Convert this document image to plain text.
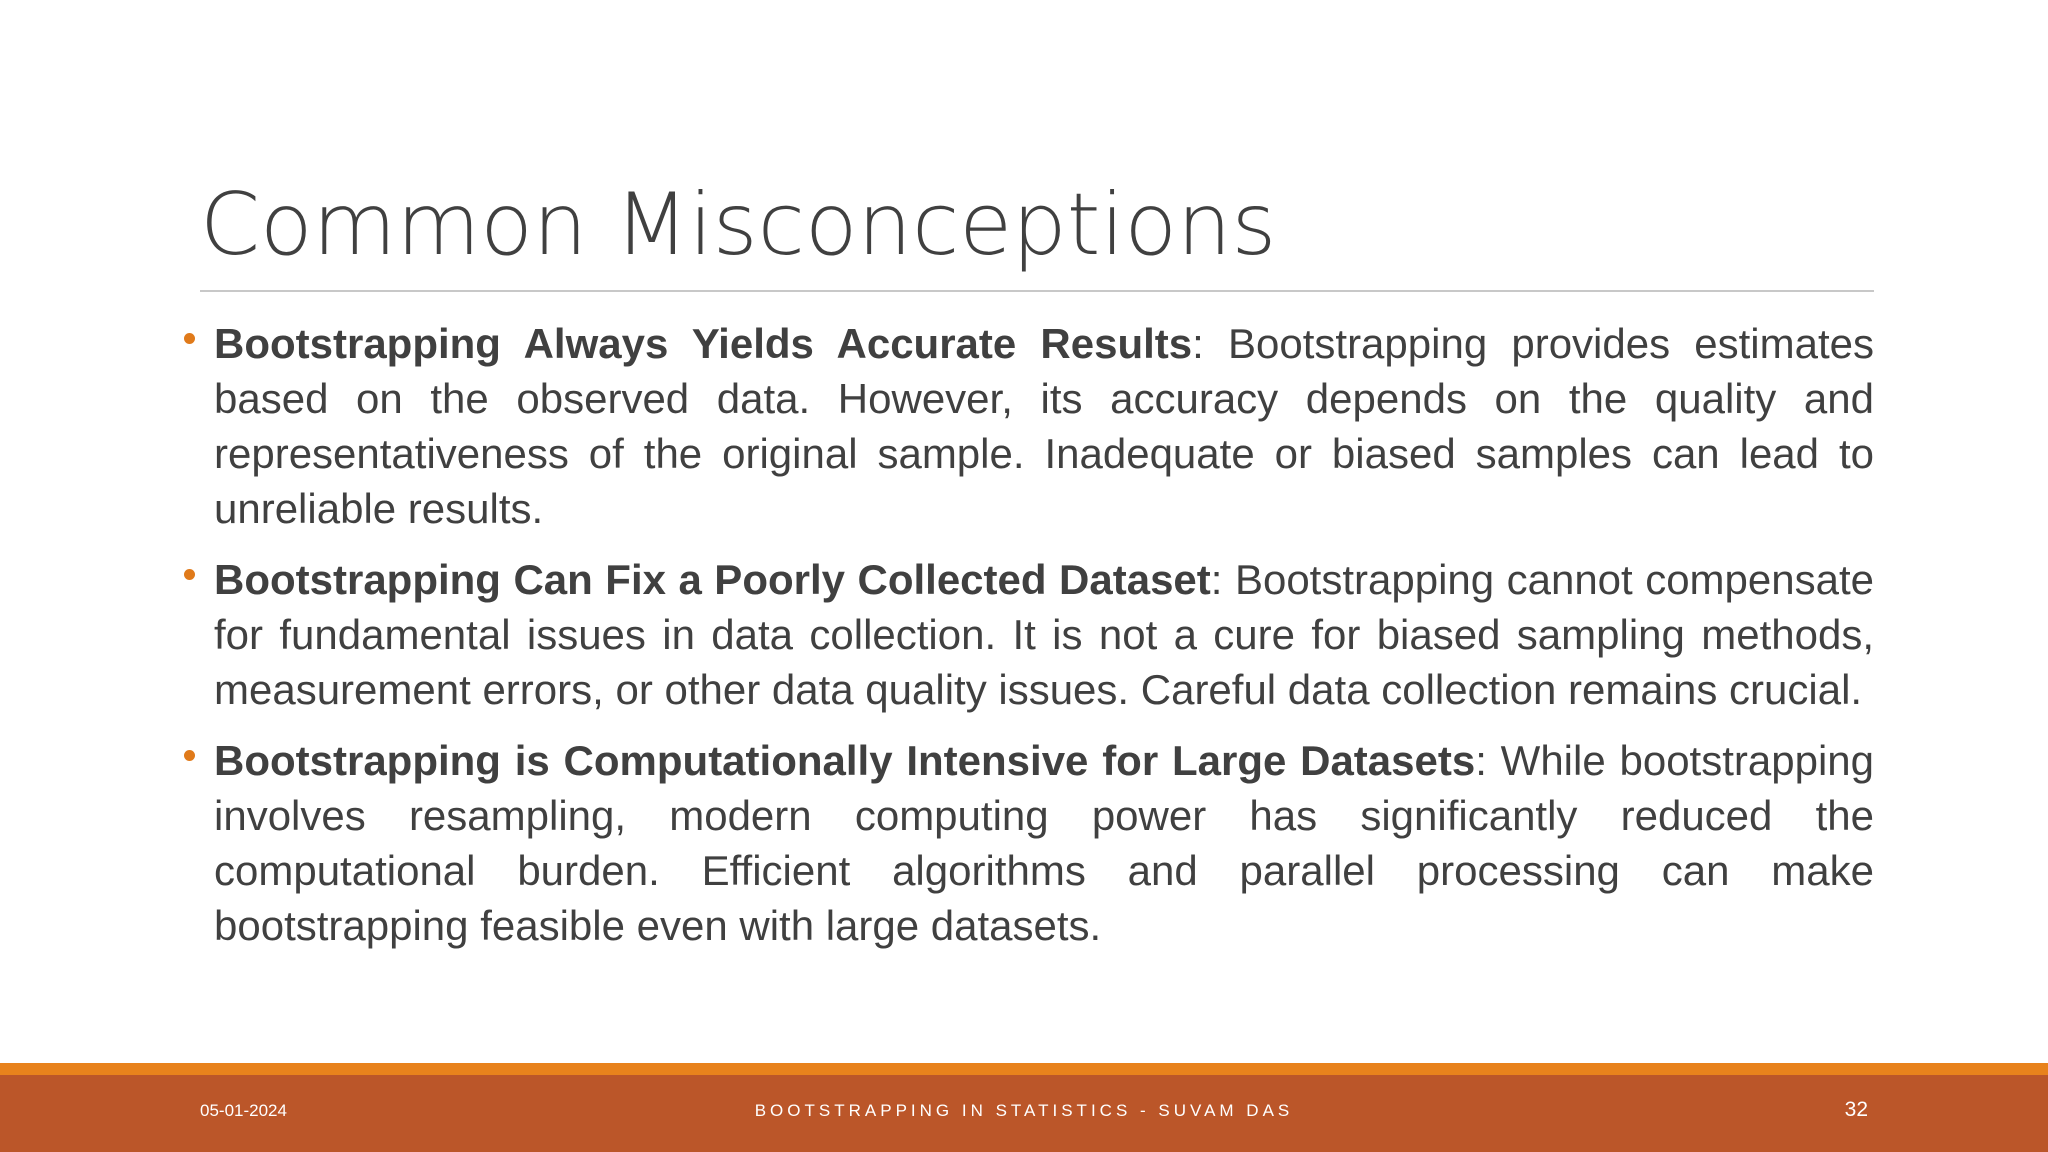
Common Misconceptions
Bootstrapping Always Yields Accurate Results: Bootstrapping provides estimates based on the observed data. However, its accuracy depends on the quality and representativeness of the original sample. Inadequate or biased samples can lead to unreliable results.
Bootstrapping Can Fix a Poorly Collected Dataset: Bootstrapping cannot compensate for fundamental issues in data collection. It is not a cure for biased sampling methods, measurement errors, or other data quality issues. Careful data collection remains crucial.
Bootstrapping is Computationally Intensive for Large Datasets: While bootstrapping involves resampling, modern computing power has significantly reduced the computational burden. Efficient algorithms and parallel processing can make bootstrapping feasible even with large datasets.
05-01-2024	BOOTSTRAPPING IN STATISTICS - SUVAM DAS	32
